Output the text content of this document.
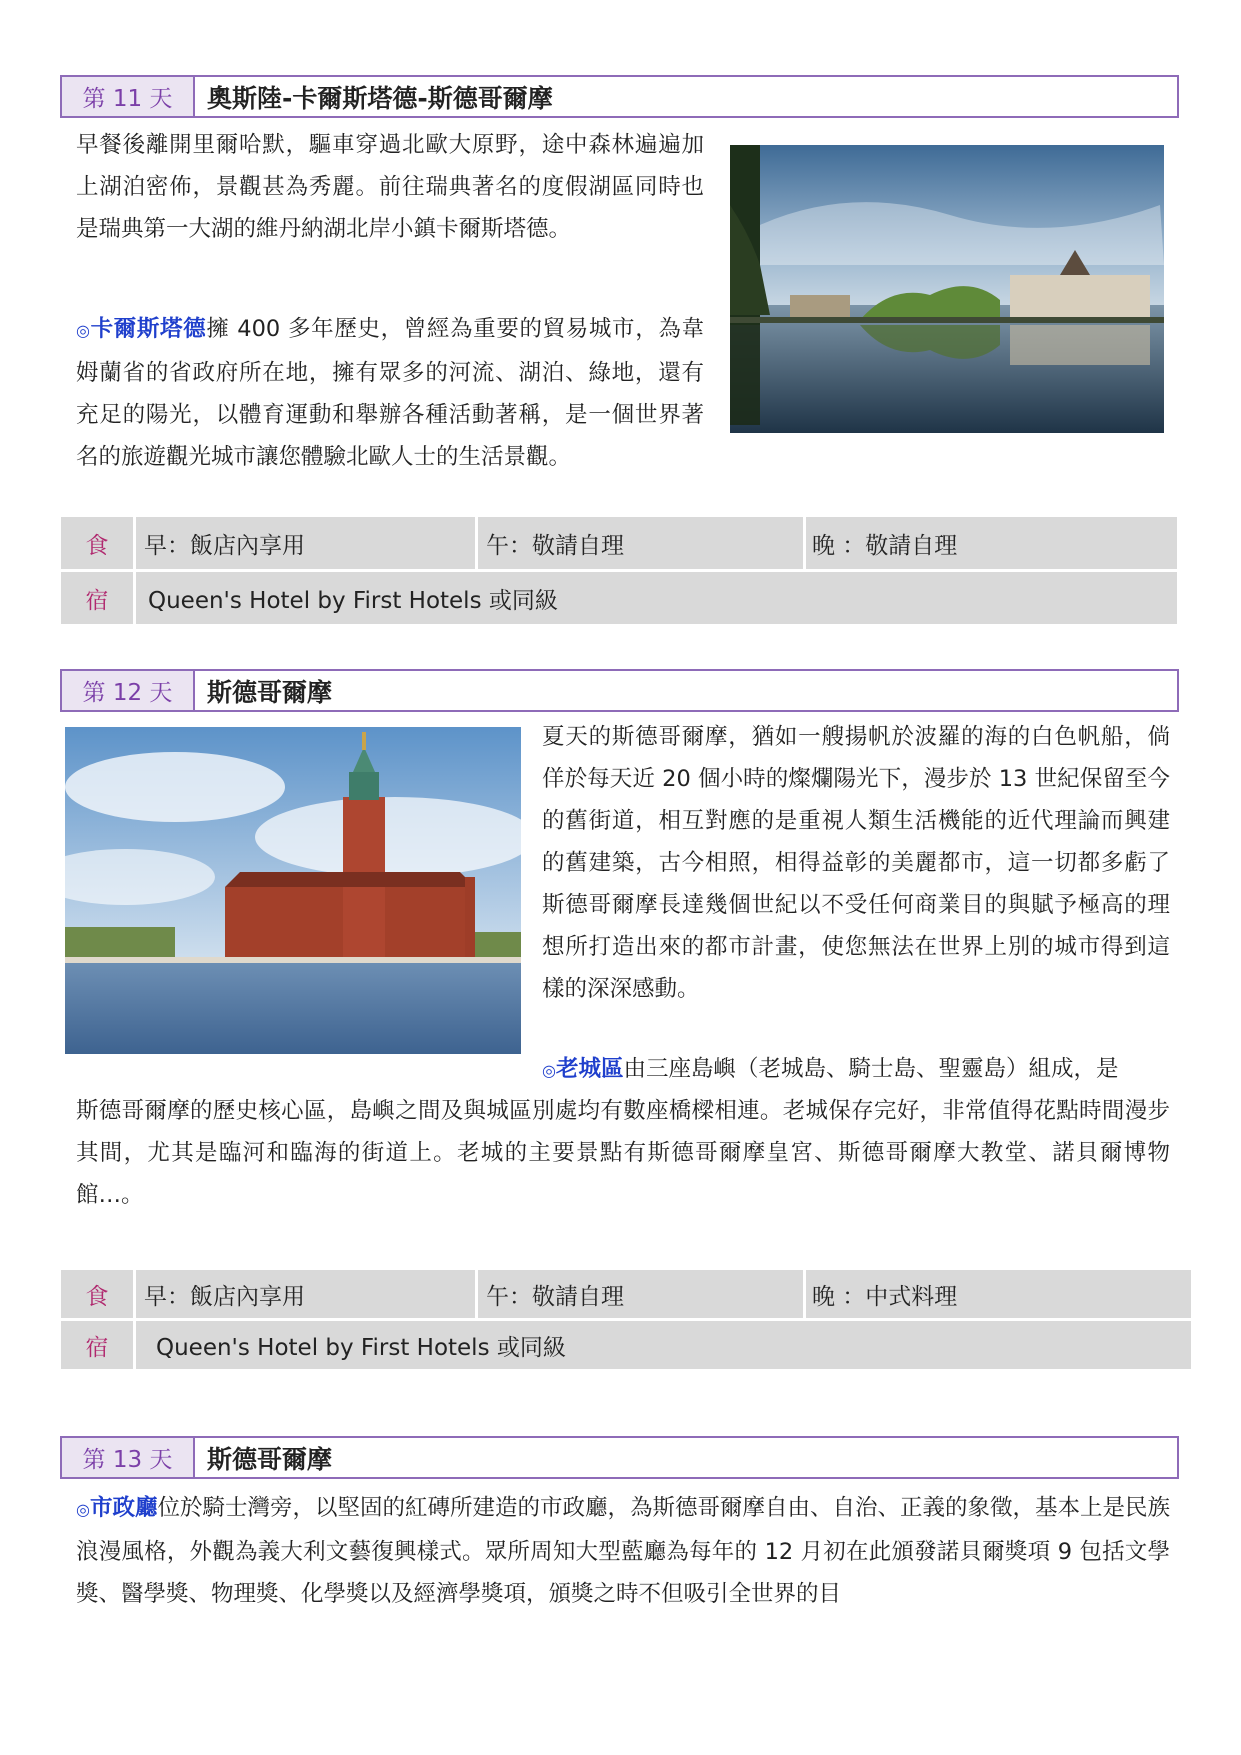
第 11 天	奧斯陸-卡爾斯塔德-斯德哥爾摩
早餐後離開里爾哈默，驅車穿過北歐大原野，途中森林遍遍加上湖泊密佈，景觀甚為秀麗。前往瑞典著名的度假湖區同時也是瑞典第一大湖的維丹納湖北岸小鎮卡爾斯塔德。
◎卡爾斯塔德擁 400 多年歷史，曾經為重要的貿易城市，為韋姆蘭省的省政府所在地，擁有眾多的河流、湖泊、綠地，還有充足的陽光，以體育運動和舉辦各種活動著稱，是一個世界著名的旅遊觀光城市讓您體驗北歐人士的生活景觀。
食	早：飯店內享用	午：敬請自理	晚 ：敬請自理
宿	Queen's Hotel by First Hotels 或同級
第 12 天	斯德哥爾摩
夏天的斯德哥爾摩，猶如一艘揚帆於波羅的海的白色帆船，倘佯於每天近 20 個小時的燦爛陽光下，漫步於 13 世紀保留至今的舊街道，相互對應的是重視人類生活機能的近代理論而興建的舊建築，古今相照，相得益彰的美麗都市，這一切都多虧了斯德哥爾摩長達幾個世紀以不受任何商業目的與賦予極高的理想所打造出來的都市計畫，使您無法在世界上別的城市得到這樣的深深感動。
◎老城區由三座島嶼（老城島、騎士島、聖靈島）組成，是
斯德哥爾摩的歷史核心區，島嶼之間及與城區別處均有數座橋樑相連。老城保存完好，非常值得花點時間漫步其間，尤其是臨河和臨海的街道上。老城的主要景點有斯德哥爾摩皇宮、斯德哥爾摩大教堂、諾貝爾博物館…。
食	早：飯店內享用	午：敬請自理	晚 ：中式料理
宿	Queen's Hotel by First Hotels 或同級
第 13 天	斯德哥爾摩
◎市政廳位於騎士灣旁，以堅固的紅磚所建造的市政廳，為斯德哥爾摩自由、自治、正義的象徵，基本上是民族浪漫風格，外觀為義大利文藝復興樣式。眾所周知大型藍廳為每年的 12 月初在此頒發諾貝爾獎項 9 包括文學獎、醫學獎、物理獎、化學獎以及經濟學獎項，頒獎之時不但吸引全世界的目
